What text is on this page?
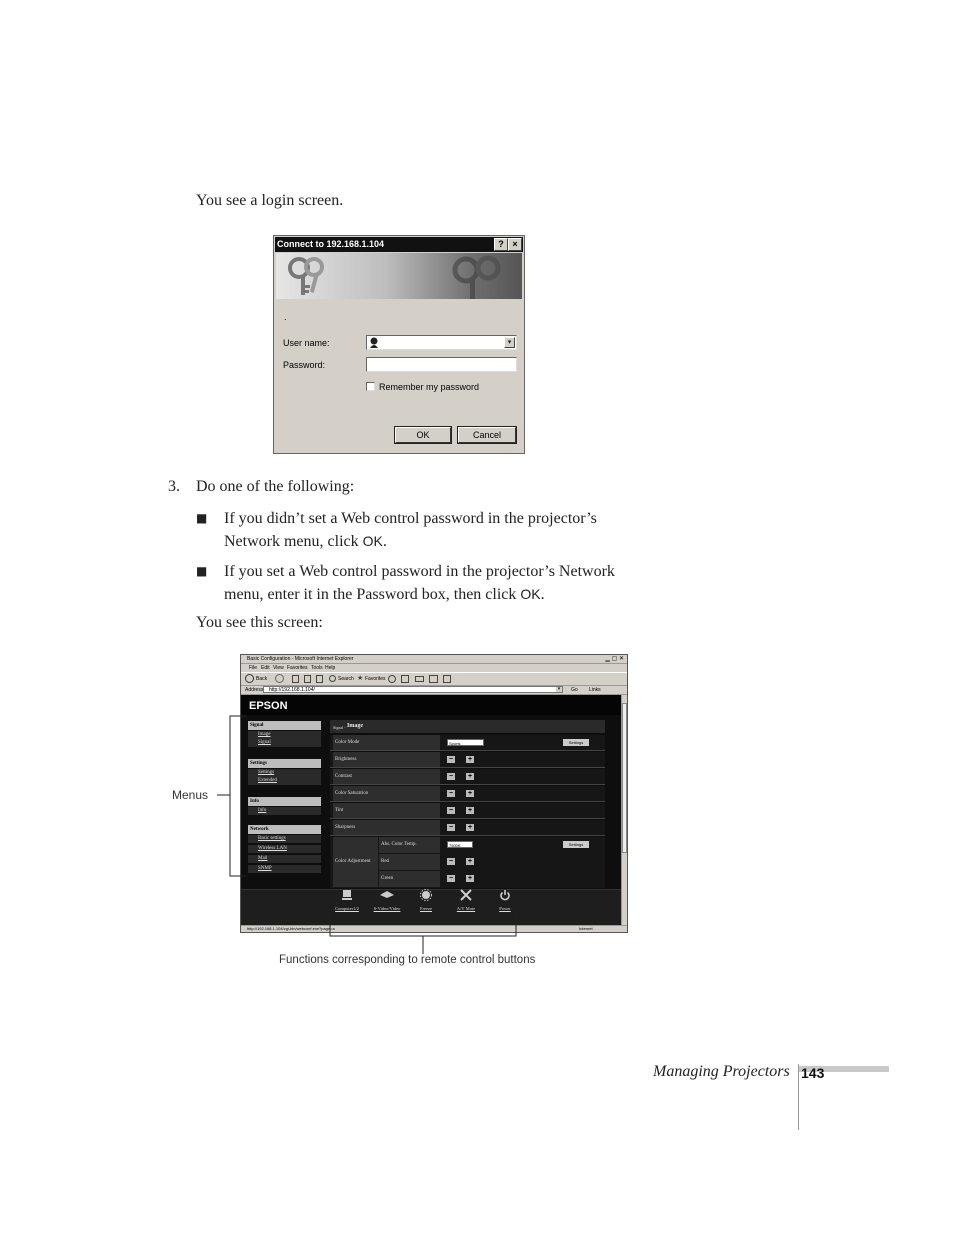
You see a login screen.
Connect to 192.168.1.104	? ×
.
User name:	▾
Password:
Remember my password
OK	Cancel
3. Do one of the following:
■ If you didn’t set a Web control password in the projector’s Network menu, click OK.
■ If you set a Web control password in the projector’s Network menu, enter it in the Password box, then click OK.
You see this screen:
Basic Configuration - Microsoft Internet Explorer	▁ ▢ ✕
File Edit View Favorites Tools Help
Back	Search ★ Favorites
Address http://192.168.1.104/	▾	Go Links
EPSON
Signal
Image
Signal
Settings
Settings
Extended
Info
Info
Network
Basic settings
Wireless LAN
Mail
SNMP
Signal - Image
Color Mode	Sports	Settings
Brightness	− +
Contrast	− +
Color Saturation	− +
Tint	− +
Sharpness	− +
Color Adjustment
Abs. Color Temp.	7500K	Settings
Red	− +
Green	− +
http://192.168.1.104/cgi-bin/webconf.exe?page=a	Internet
Computer1/2	S-Video/Video	Freeze	A/V Mute	Power
Menus
Functions corresponding to remote control buttons
Managing Projectors 143
